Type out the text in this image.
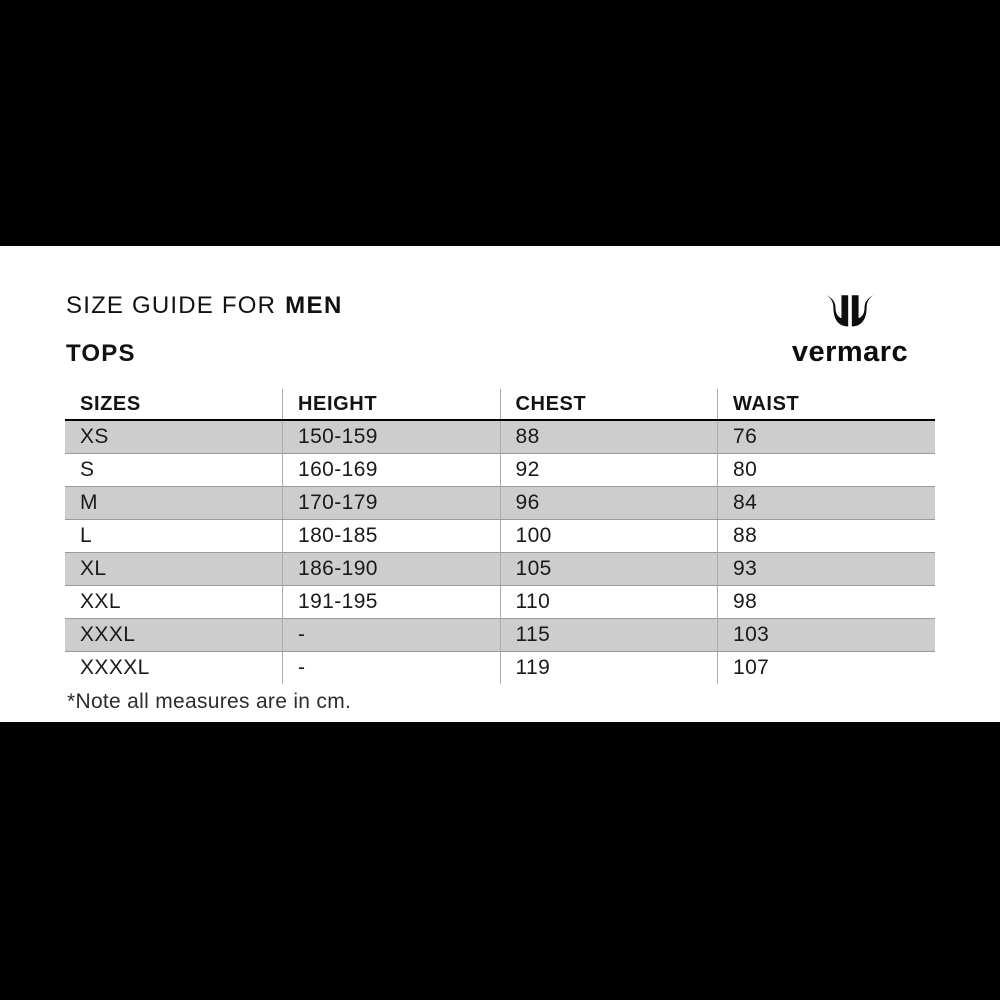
SIZE GUIDE FOR MEN
TOPS	vermarc
SIZES	HEIGHT	CHEST	WAIST
XS	150-159	88	76
S	160-169	92	80
M	170-179	96	84
L	180-185	100	88
XL	186-190	105	93
XXL	191-195	110	98
XXXL	-	115	103
XXXXL	-	119	107
*Note all measures are in cm.
